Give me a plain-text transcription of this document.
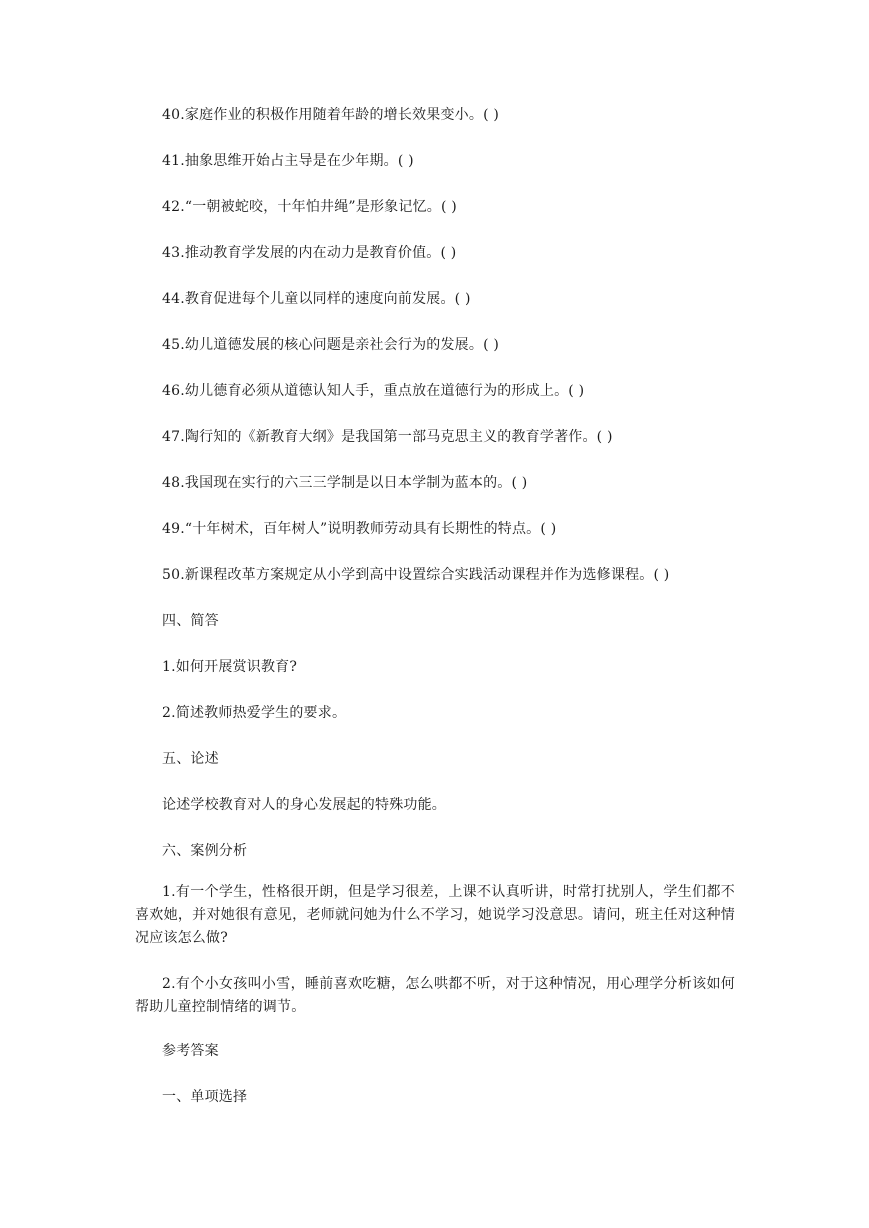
40.家庭作业的积极作用随着年龄的增长效果变小。( )
41.抽象思维开始占主导是在少年期。( )
42.“一朝被蛇咬，十年怕井绳”是形象记忆。( )
43.推动教育学发展的内在动力是教育价值。( )
44.教育促进每个儿童以同样的速度向前发展。( )
45.幼儿道德发展的核心问题是亲社会行为的发展。( )
46.幼儿德育必须从道德认知人手，重点放在道德行为的形成上。( )
47.陶行知的《新教育大纲》是我国第一部马克思主义的教育学著作。( )
48.我国现在实行的六三三学制是以日本学制为蓝本的。( )
49.“十年树术，百年树人”说明教师劳动具有长期性的特点。( )
50.新课程改革方案规定从小学到高中设置综合实践活动课程并作为选修课程。( )
四、简答
1.如何开展赏识教育?
2.简述教师热爱学生的要求。
五、论述
论述学校教育对人的身心发展起的特殊功能。
六、案例分析
1.有一个学生，性格很开朗，但是学习很差，上课不认真听讲，时常打扰别人，学生们都不喜欢她，并对她很有意见，老师就问她为什么不学习，她说学习没意思。请问，班主任对这种情况应该怎么做?
2.有个小女孩叫小雪，睡前喜欢吃糖，怎么哄都不听，对于这种情况，用心理学分析该如何帮助儿童控制情绪的调节。
参考答案
一、单项选择
